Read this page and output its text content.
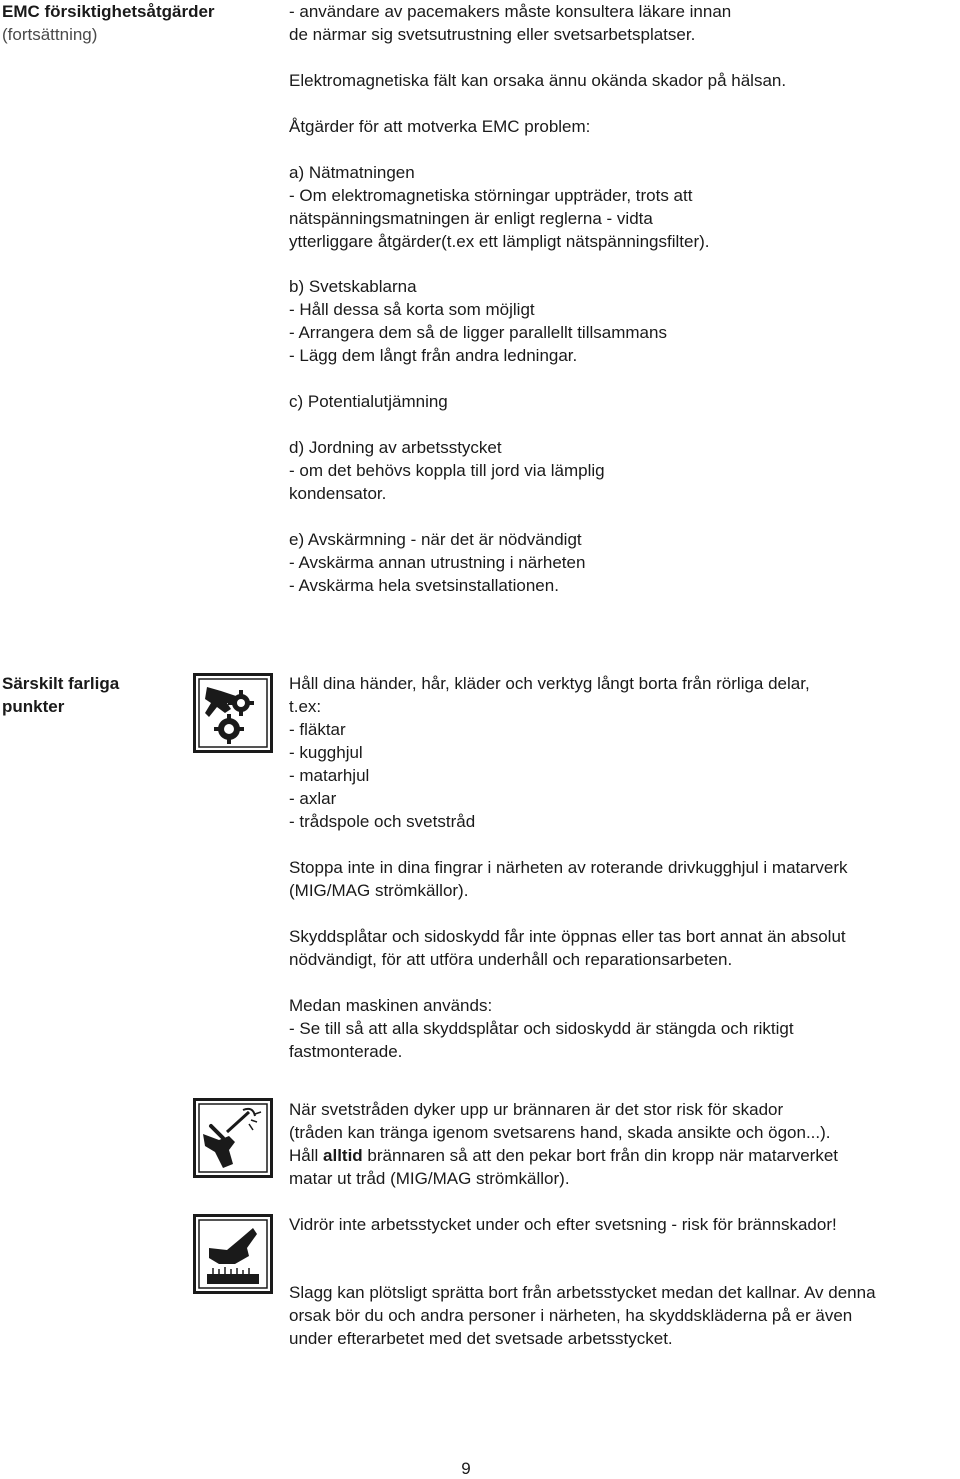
EMC försiktighetsåtgärder
(fortsättning)
- användare av pacemakers måste konsultera läkare innan
de närmar sig svetsutrustning eller svetsarbetsplatser.
Elektromagnetiska fält kan orsaka ännu okända skador på hälsan.
Åtgärder för att motverka EMC problem:
a) Nätmatningen
- Om elektromagnetiska störningar uppträder, trots att
nätspänningsmatningen är enligt reglerna - vidta
ytterliggare åtgärder(t.ex ett lämpligt nätspänningsfilter).
b) Svetskablarna
- Håll dessa så korta som möjligt
- Arrangera dem så de ligger parallellt tillsammans
- Lägg dem långt från andra ledningar.
c) Potentialutjämning
d) Jordning av arbetsstycket
- om det behövs koppla till jord via lämplig
kondensator.
e) Avskärmning - när det är nödvändigt
- Avskärma annan utrustning i närheten
- Avskärma hela svetsinstallationen.
Särskilt farliga
punkter
Håll dina händer, hår, kläder och verktyg långt borta från rörliga delar,
t.ex:
- fläktar
- kugghjul
- matarhjul
- axlar
- trådspole och svetstråd
Stoppa inte in dina fingrar i närheten av roterande drivkugghjul i matarverk
(MIG/MAG strömkällor).
Skyddsplåtar och sidoskydd får inte öppnas eller tas bort annat än absolut
nödvändigt, för att utföra underhåll och reparationsarbeten.
Medan maskinen används:
- Se till så att alla skyddsplåtar och sidoskydd är stängda och riktigt
fastmonterade.
När svetstråden dyker upp ur brännaren är det stor risk för skador
(tråden kan tränga igenom svetsarens hand, skada ansikte och ögon...).
Håll alltid brännaren så att den pekar bort från din kropp när matarverket
matar ut tråd (MIG/MAG strömkällor).
Vidrör inte arbetsstycket under och efter svetsning - risk för brännskador!
Slagg kan plötsligt sprätta bort från arbetsstycket medan det kallnar. Av denna
orsak bör du och andra personer i närheten, ha skyddskläderna på er även
under efterarbetet med det svetsade arbetsstycket.
9
